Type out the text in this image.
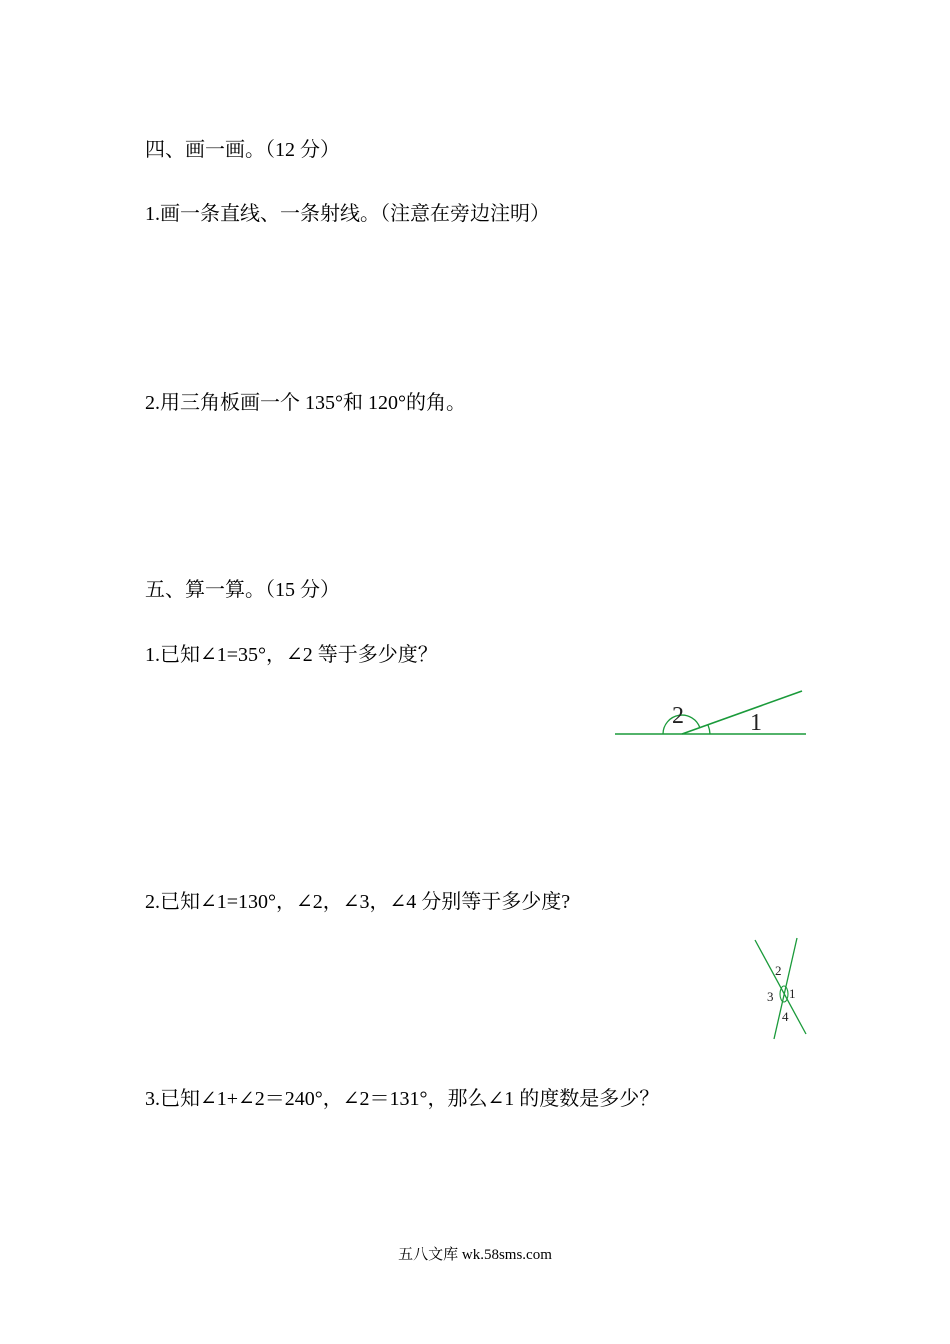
四、画一画。（12 分）
1.画一条直线、一条射线。（注意在旁边注明）
2.用三角板画一个 135°和 120°的角。
五、算一算。（15 分）
1.已知∠1=35°，∠2 等于多少度？
2	1
2.已知∠1=130°，∠2，∠3，∠4 分别等于多少度?
2
3 1
4
3.已知∠1+∠2＝240°，∠2＝131°，那么∠1 的度数是多少？
五八文库 wk.58sms.com
